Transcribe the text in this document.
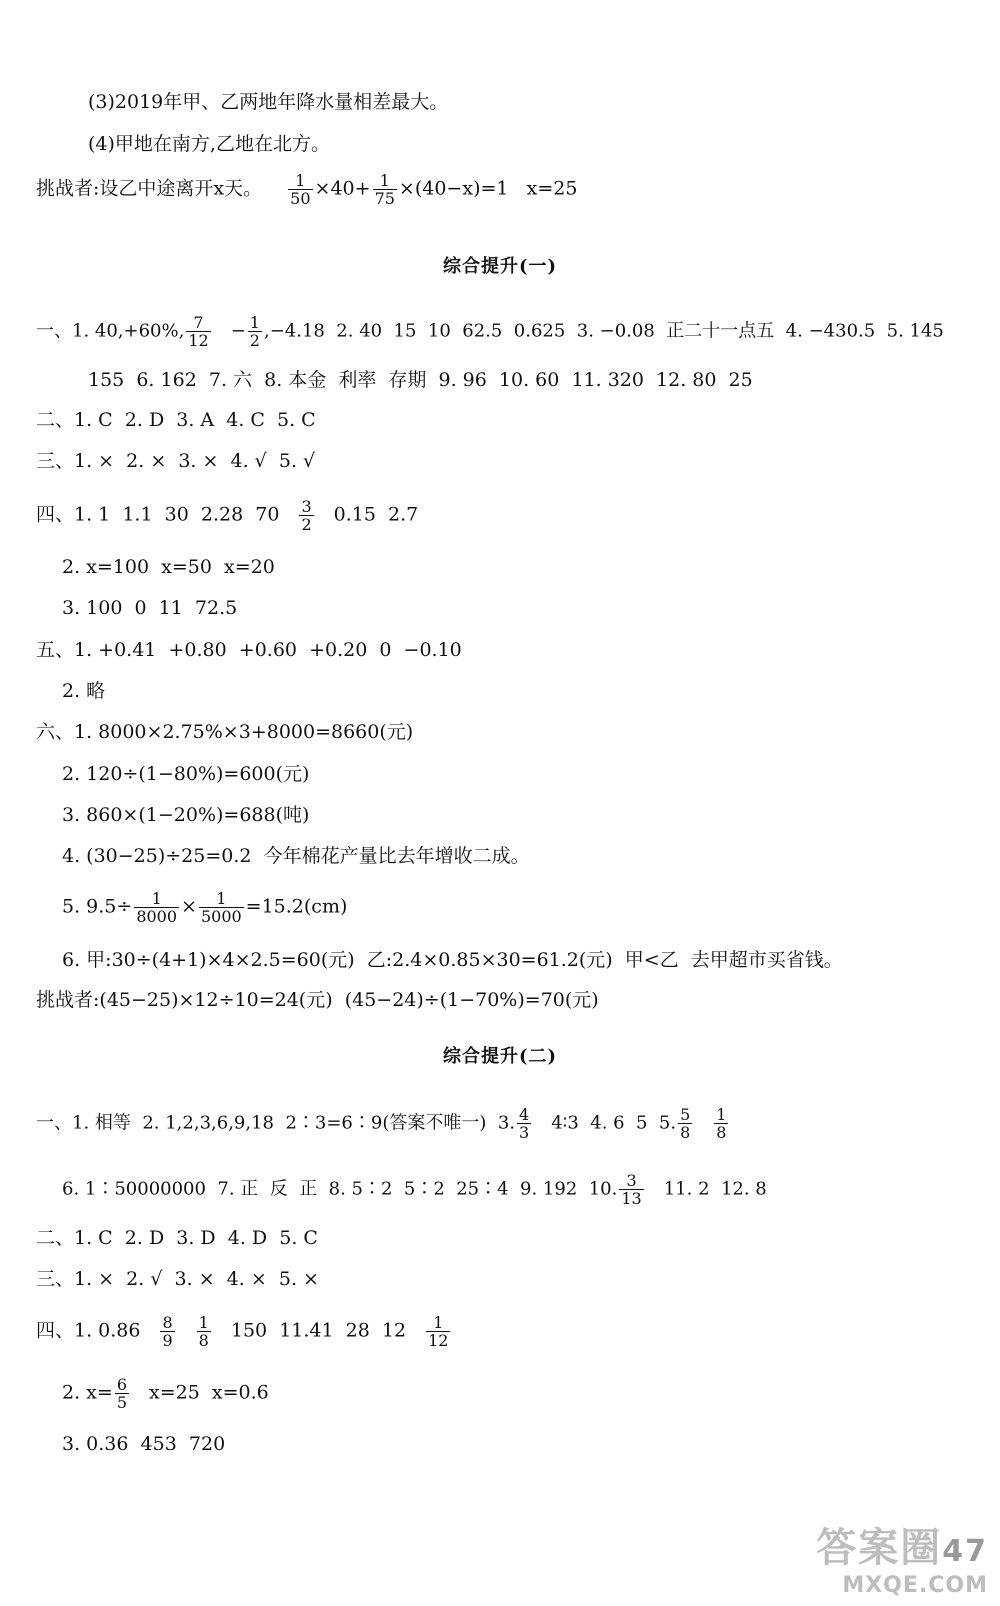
(3)2019年甲、乙两地年降水量相差最大。
(4)甲地在南方,乙地在北方。
挑战者:设乙中途离开x天。 $\frac{1}{50} \times 40+ \frac{1}{75} \times(40-x)=1$   x=25
综合提升(一)
一、1. 40,+60%, $\frac{7}{12} - \frac{1}{2} ,-4.18$  2. 40  15  10  62.5  0.625  3. −0.08  正二十一点五  4. −430.5  5. 145
155  6. 162  7. 六  8. 本金  利率  存期  9. 96  10. 60  11. 320  12. 80  25
二、1. C  2. D  3. A  4. C  5. C
三、1. ×  2. ×  3. ×  4. √  5. √
四、1. 1  1.1  30  2.28  $70 \frac{3}{2} 0.15$  2.7
2. x=100  x=50  x=20
3. 100  0  11  72.5
五、1. +0.41  +0.80  +0.60  +0.20  0  −0.10
2. 略
六、1. 8000×2.75%×3+8000=8660(元)
2. 120÷(1−80%)=600(元)
3. 860×(1−20%)=688(吨)
4. (30−25)÷25=0.2  今年棉花产量比去年增收二成。
5. $9.5\div \frac{1}{8000} \times \frac{1}{5000} =15.2(cm)$
6. 甲:30÷(4+1)×4×2.5=60(元)  乙:2.4×0.85×30=61.2(元)  甲<乙  去甲超市买省钱。
挑战者:(45−25)×12÷10=24(元)  (45−24)÷(1−70%)=70(元)
综合提升(二)
一、1. 相等  2. 1,2,3,6,9,18  2∶3=6∶9(答案不唯一)  3. $\frac{4}{3}$ 4∶3  4. 6  5  5. $\frac{5}{8} \frac{1}{8}$
6. 1∶50000000  7. 正  反  正  8. 5∶2  5∶2  25∶4  9. 192  10. $\frac{3}{13} 11$. 2  12. 8
二、1. C  2. D  3. D  4. D  5. C
三、1. ×  2. √  3. ×  4. ×  5. ×
四、1. $0.86 \frac{8}{9} \frac{1}{8} 150$  11.41  28  $12 \frac{1}{12}$
2. $x= \frac{6}{5} x=25$  x=0.6
3. 0.36  453  720
答案圈47
MXQE.COM
